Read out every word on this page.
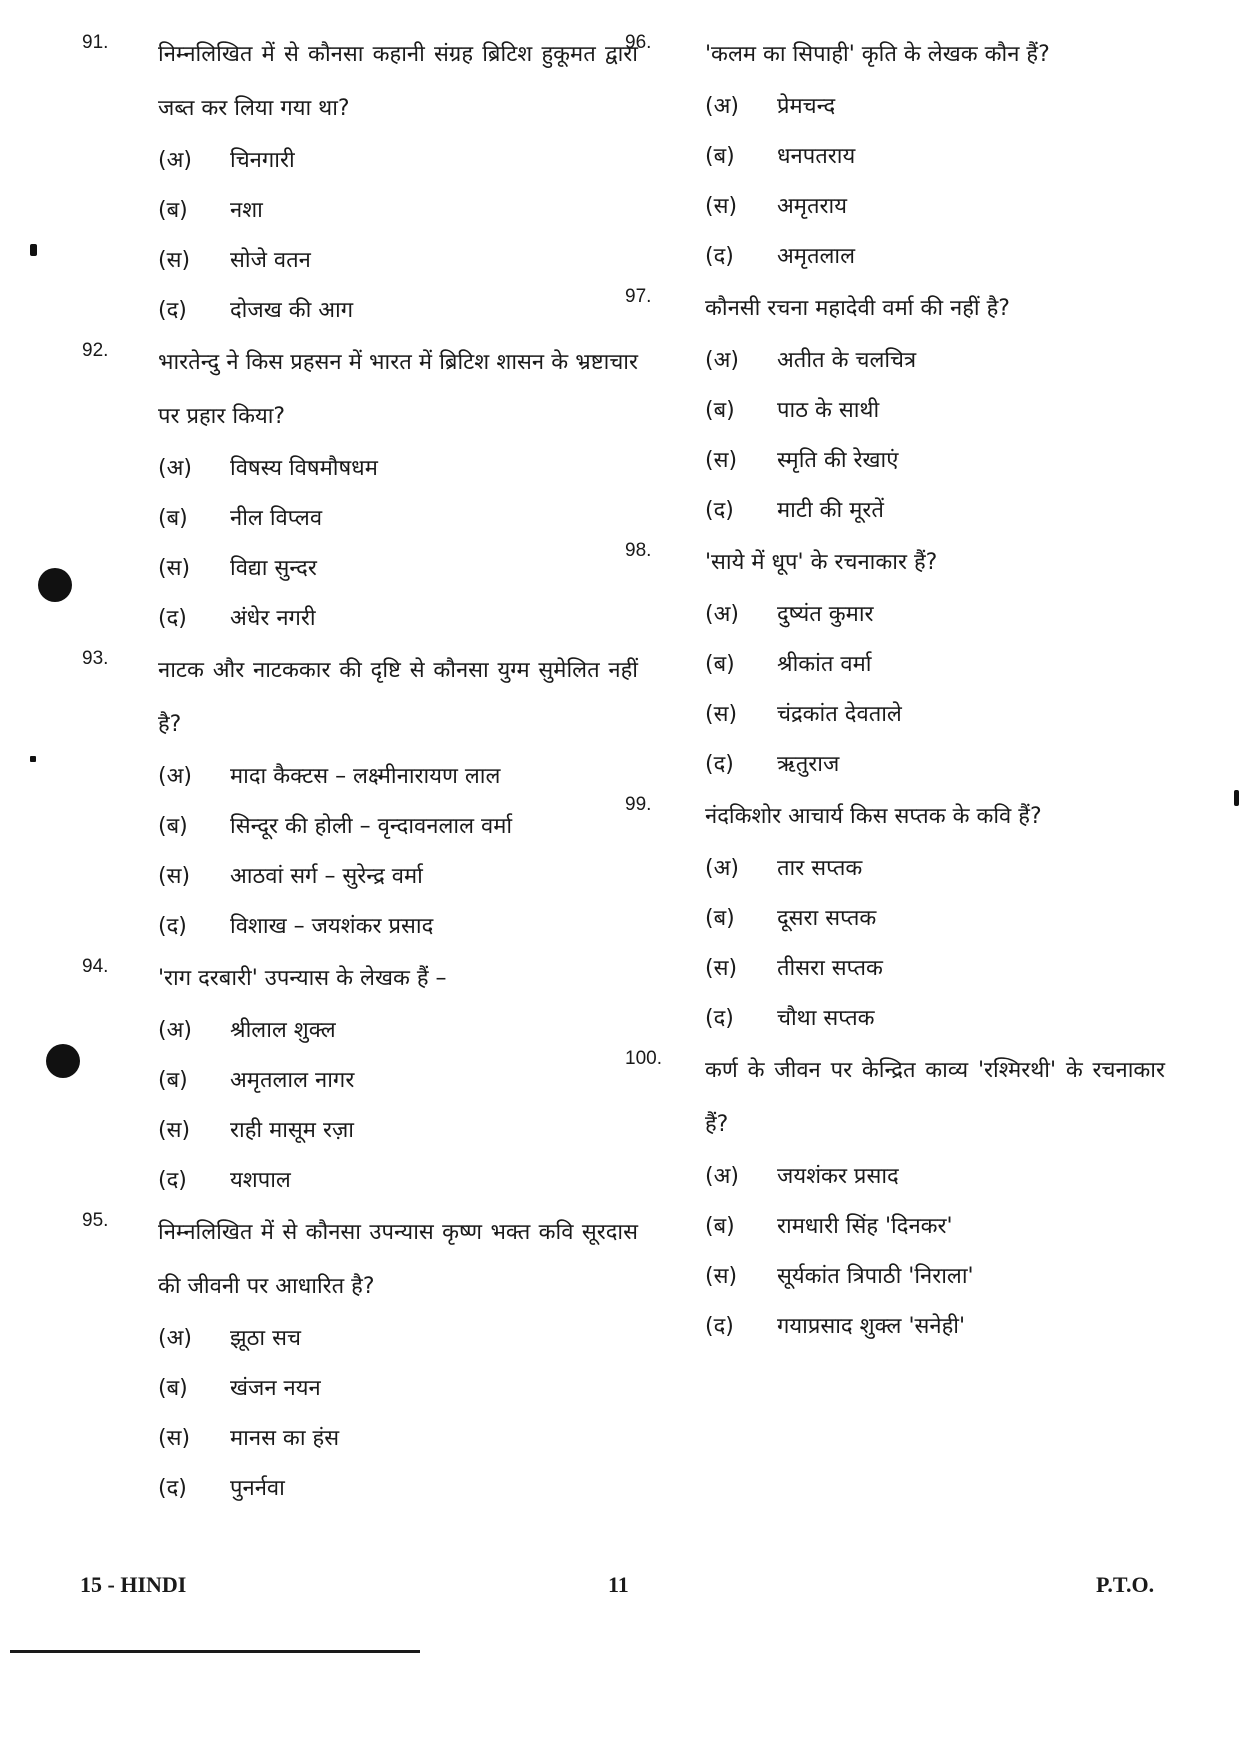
91.	निम्नलिखित में से कौनसा कहानी संग्रह ब्रिटिश हुकूमत द्वारा जब्त कर लिया गया था?
(अ) चिनगारी
(ब) नशा
(स) सोजे वतन
(द) दोजख की आग
92.	भारतेन्दु ने किस प्रहसन में भारत में ब्रिटिश शासन के भ्रष्टाचार पर प्रहार किया?
(अ) विषस्य विषमौषधम
(ब) नील विप्लव
(स) विद्या सुन्दर
(द) अंधेर नगरी
93.	नाटक और नाटककार की दृष्टि से कौनसा युग्म सुमेलित नहीं है?
(अ) मादा कैक्टस – लक्ष्मीनारायण लाल
(ब) सिन्दूर की होली – वृन्दावनलाल वर्मा
(स) आठवां सर्ग – सुरेन्द्र वर्मा
(द) विशाख – जयशंकर प्रसाद
94.	'राग दरबारी' उपन्यास के लेखक हैं –
(अ) श्रीलाल शुक्ल
(ब) अमृतलाल नागर
(स) राही मासूम रज़ा
(द) यशपाल
95.	निम्नलिखित में से कौनसा उपन्यास कृष्ण भक्त कवि सूरदास की जीवनी पर आधारित है?
(अ) झूठा सच
(ब) खंजन नयन
(स) मानस का हंस
(द) पुनर्नवा
96.	'कलम का सिपाही' कृति के लेखक कौन हैं?
(अ) प्रेमचन्द
(ब) धनपतराय
(स) अमृतराय
(द) अमृतलाल
97.	कौनसी रचना महादेवी वर्मा की नहीं है?
(अ) अतीत के चलचित्र
(ब) पाठ के साथी
(स) स्मृति की रेखाएं
(द) माटी की मूरतें
98.	'साये में धूप' के रचनाकार हैं?
(अ) दुष्यंत कुमार
(ब) श्रीकांत वर्मा
(स) चंद्रकांत देवताले
(द) ऋतुराज
99.	नंदकिशोर आचार्य किस सप्तक के कवि हैं?
(अ) तार सप्तक
(ब) दूसरा सप्तक
(स) तीसरा सप्तक
(द) चौथा सप्तक
100.	कर्ण के जीवन पर केन्द्रित काव्य 'रश्मिरथी' के रचनाकार हैं?
(अ) जयशंकर प्रसाद
(ब) रामधारी सिंह 'दिनकर'
(स) सूर्यकांत त्रिपाठी 'निराला'
(द) गयाप्रसाद शुक्ल 'सनेही'
15 - HINDI	11	P.T.O.
